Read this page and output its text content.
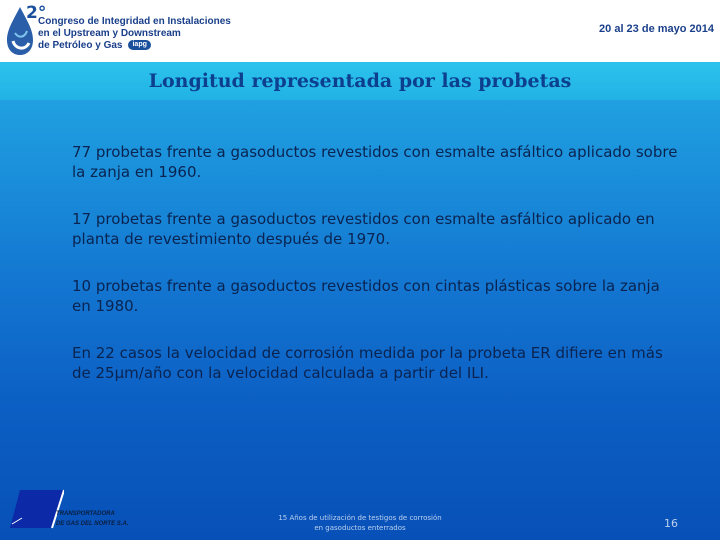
2°
Congreso de Integridad en Instalaciones
en el Upstream y Downstream
de Petróleo y Gas iapg
20 al 23 de mayo 2014
Longitud representada por las probetas

77 probetas frente a gasoductos revestidos con esmalte asfáltico aplicado sobre la zanja en 1960.

17 probetas frente a gasoductos revestidos con esmalte asfáltico aplicado en planta de revestimiento después de 1970.

10 probetas frente a gasoductos revestidos con cintas plásticas sobre la zanja en 1980.

En 22 casos la velocidad de corrosión medida por la probeta ER difiere en más de 25μm/año con la velocidad calculada a partir del ILI.

TRANSPORTADORA
DE GAS DEL NORTE S.A.
15 Años de utilización de testigos de corrosión
en gasoductos enterrados	16
